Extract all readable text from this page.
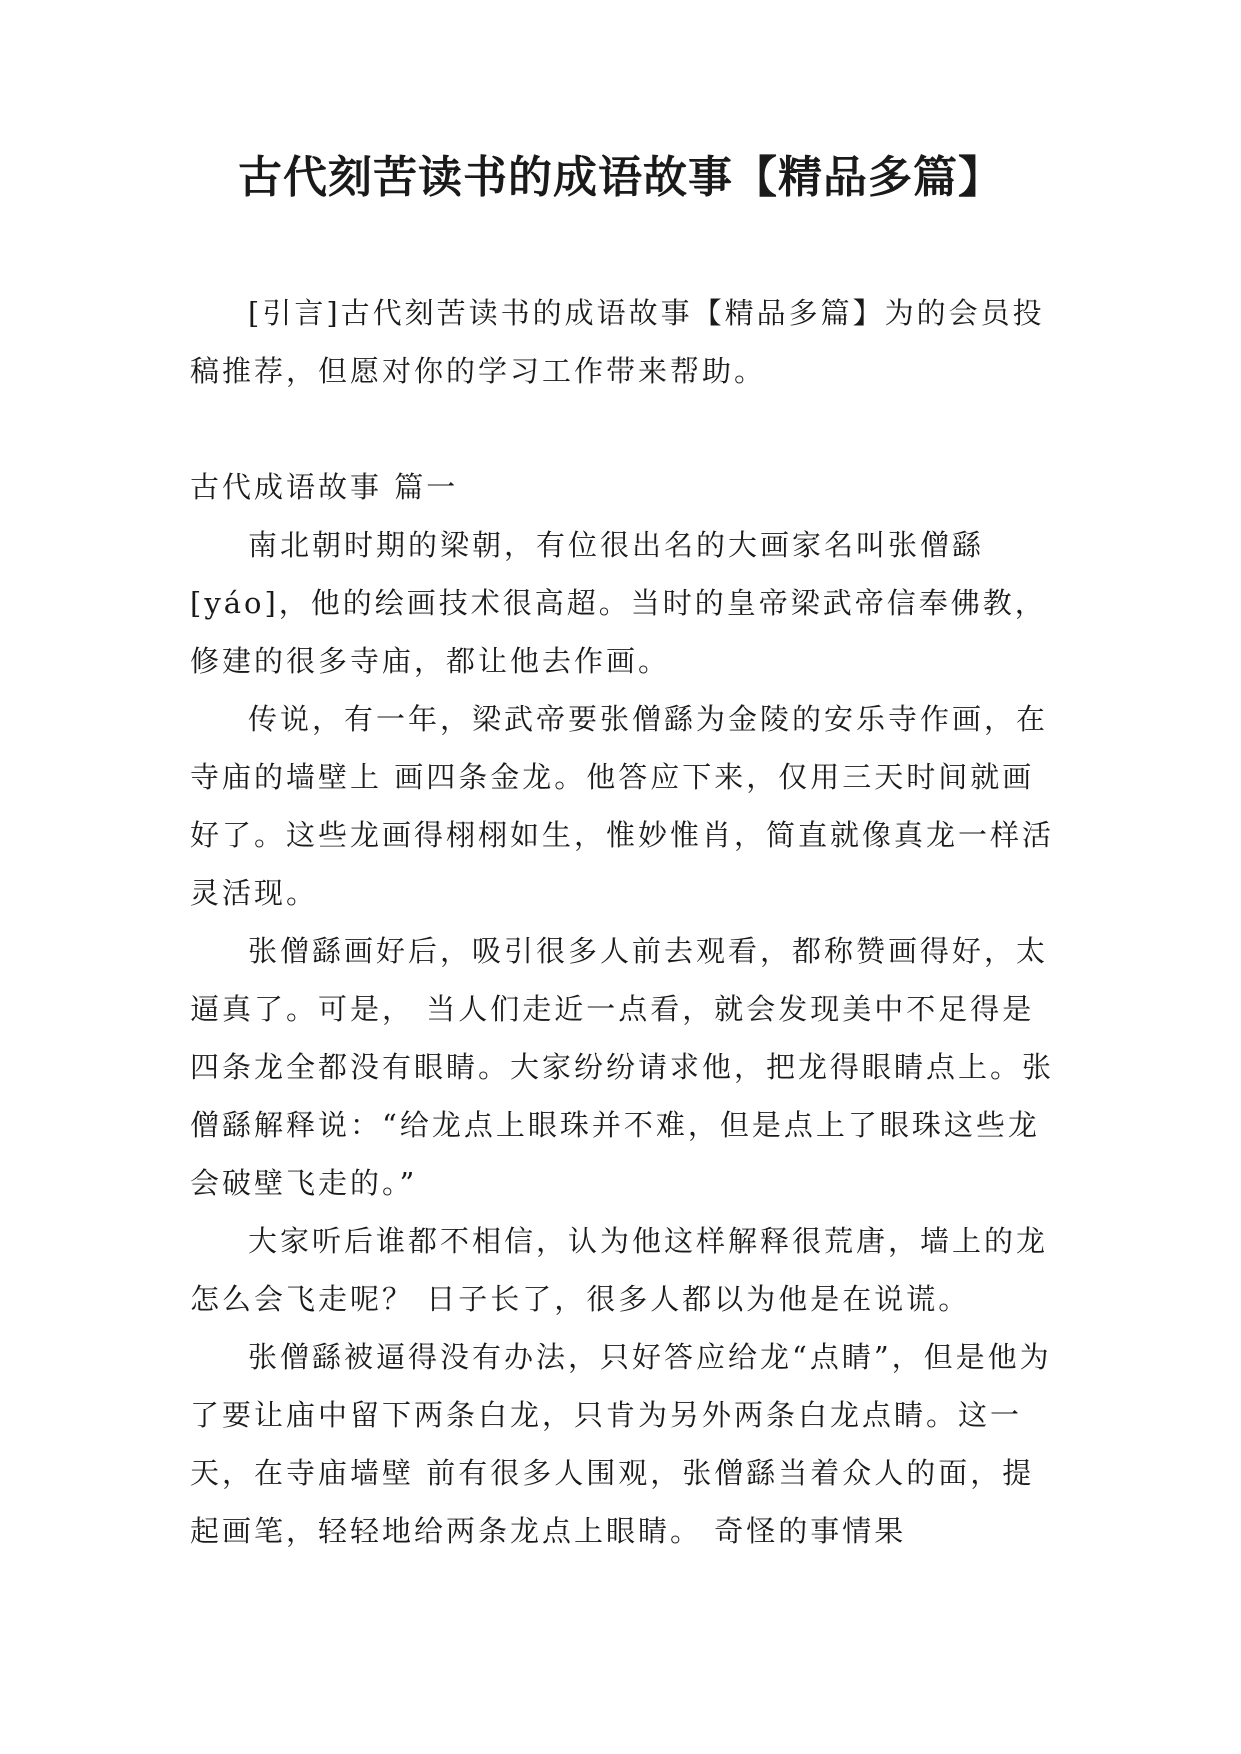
古代刻苦读书的成语故事【精品多篇】

[引言]古代刻苦读书的成语故事【精品多篇】为的会员投稿推荐，但愿对你的学习工作带来帮助。

古代成语故事 篇一

南北朝时期的梁朝，有位很出名的大画家名叫张僧繇[yáo]，他的绘画技术很高超。当时的皇帝梁武帝信奉佛教，修建的很多寺庙，都让他去作画。

传说，有一年，梁武帝要张僧繇为金陵的安乐寺作画，在寺庙的墙壁上 画四条金龙。他答应下来，仅用三天时间就画好了。这些龙画得栩栩如生，惟妙惟肖，简直就像真龙一样活灵活现。

张僧繇画好后，吸引很多人前去观看，都称赞画得好，太逼真了。可是， 当人们走近一点看，就会发现美中不足得是四条龙全都没有眼睛。大家纷纷请求他，把龙得眼睛点上。张僧繇解释说：“给龙点上眼珠并不难，但是点上了眼珠这些龙会破壁飞走的。”

大家听后谁都不相信，认为他这样解释很荒唐，墙上的龙怎么会飞走呢？ 日子长了，很多人都以为他是在说谎。

张僧繇被逼得没有办法，只好答应给龙“点睛”，但是他为了要让庙中留下两条白龙，只肯为另外两条白龙点睛。这一天，在寺庙墙壁 前有很多人围观，张僧繇当着众人的面，提起画笔，轻轻地给两条龙点上眼睛。 奇怪的事情果
